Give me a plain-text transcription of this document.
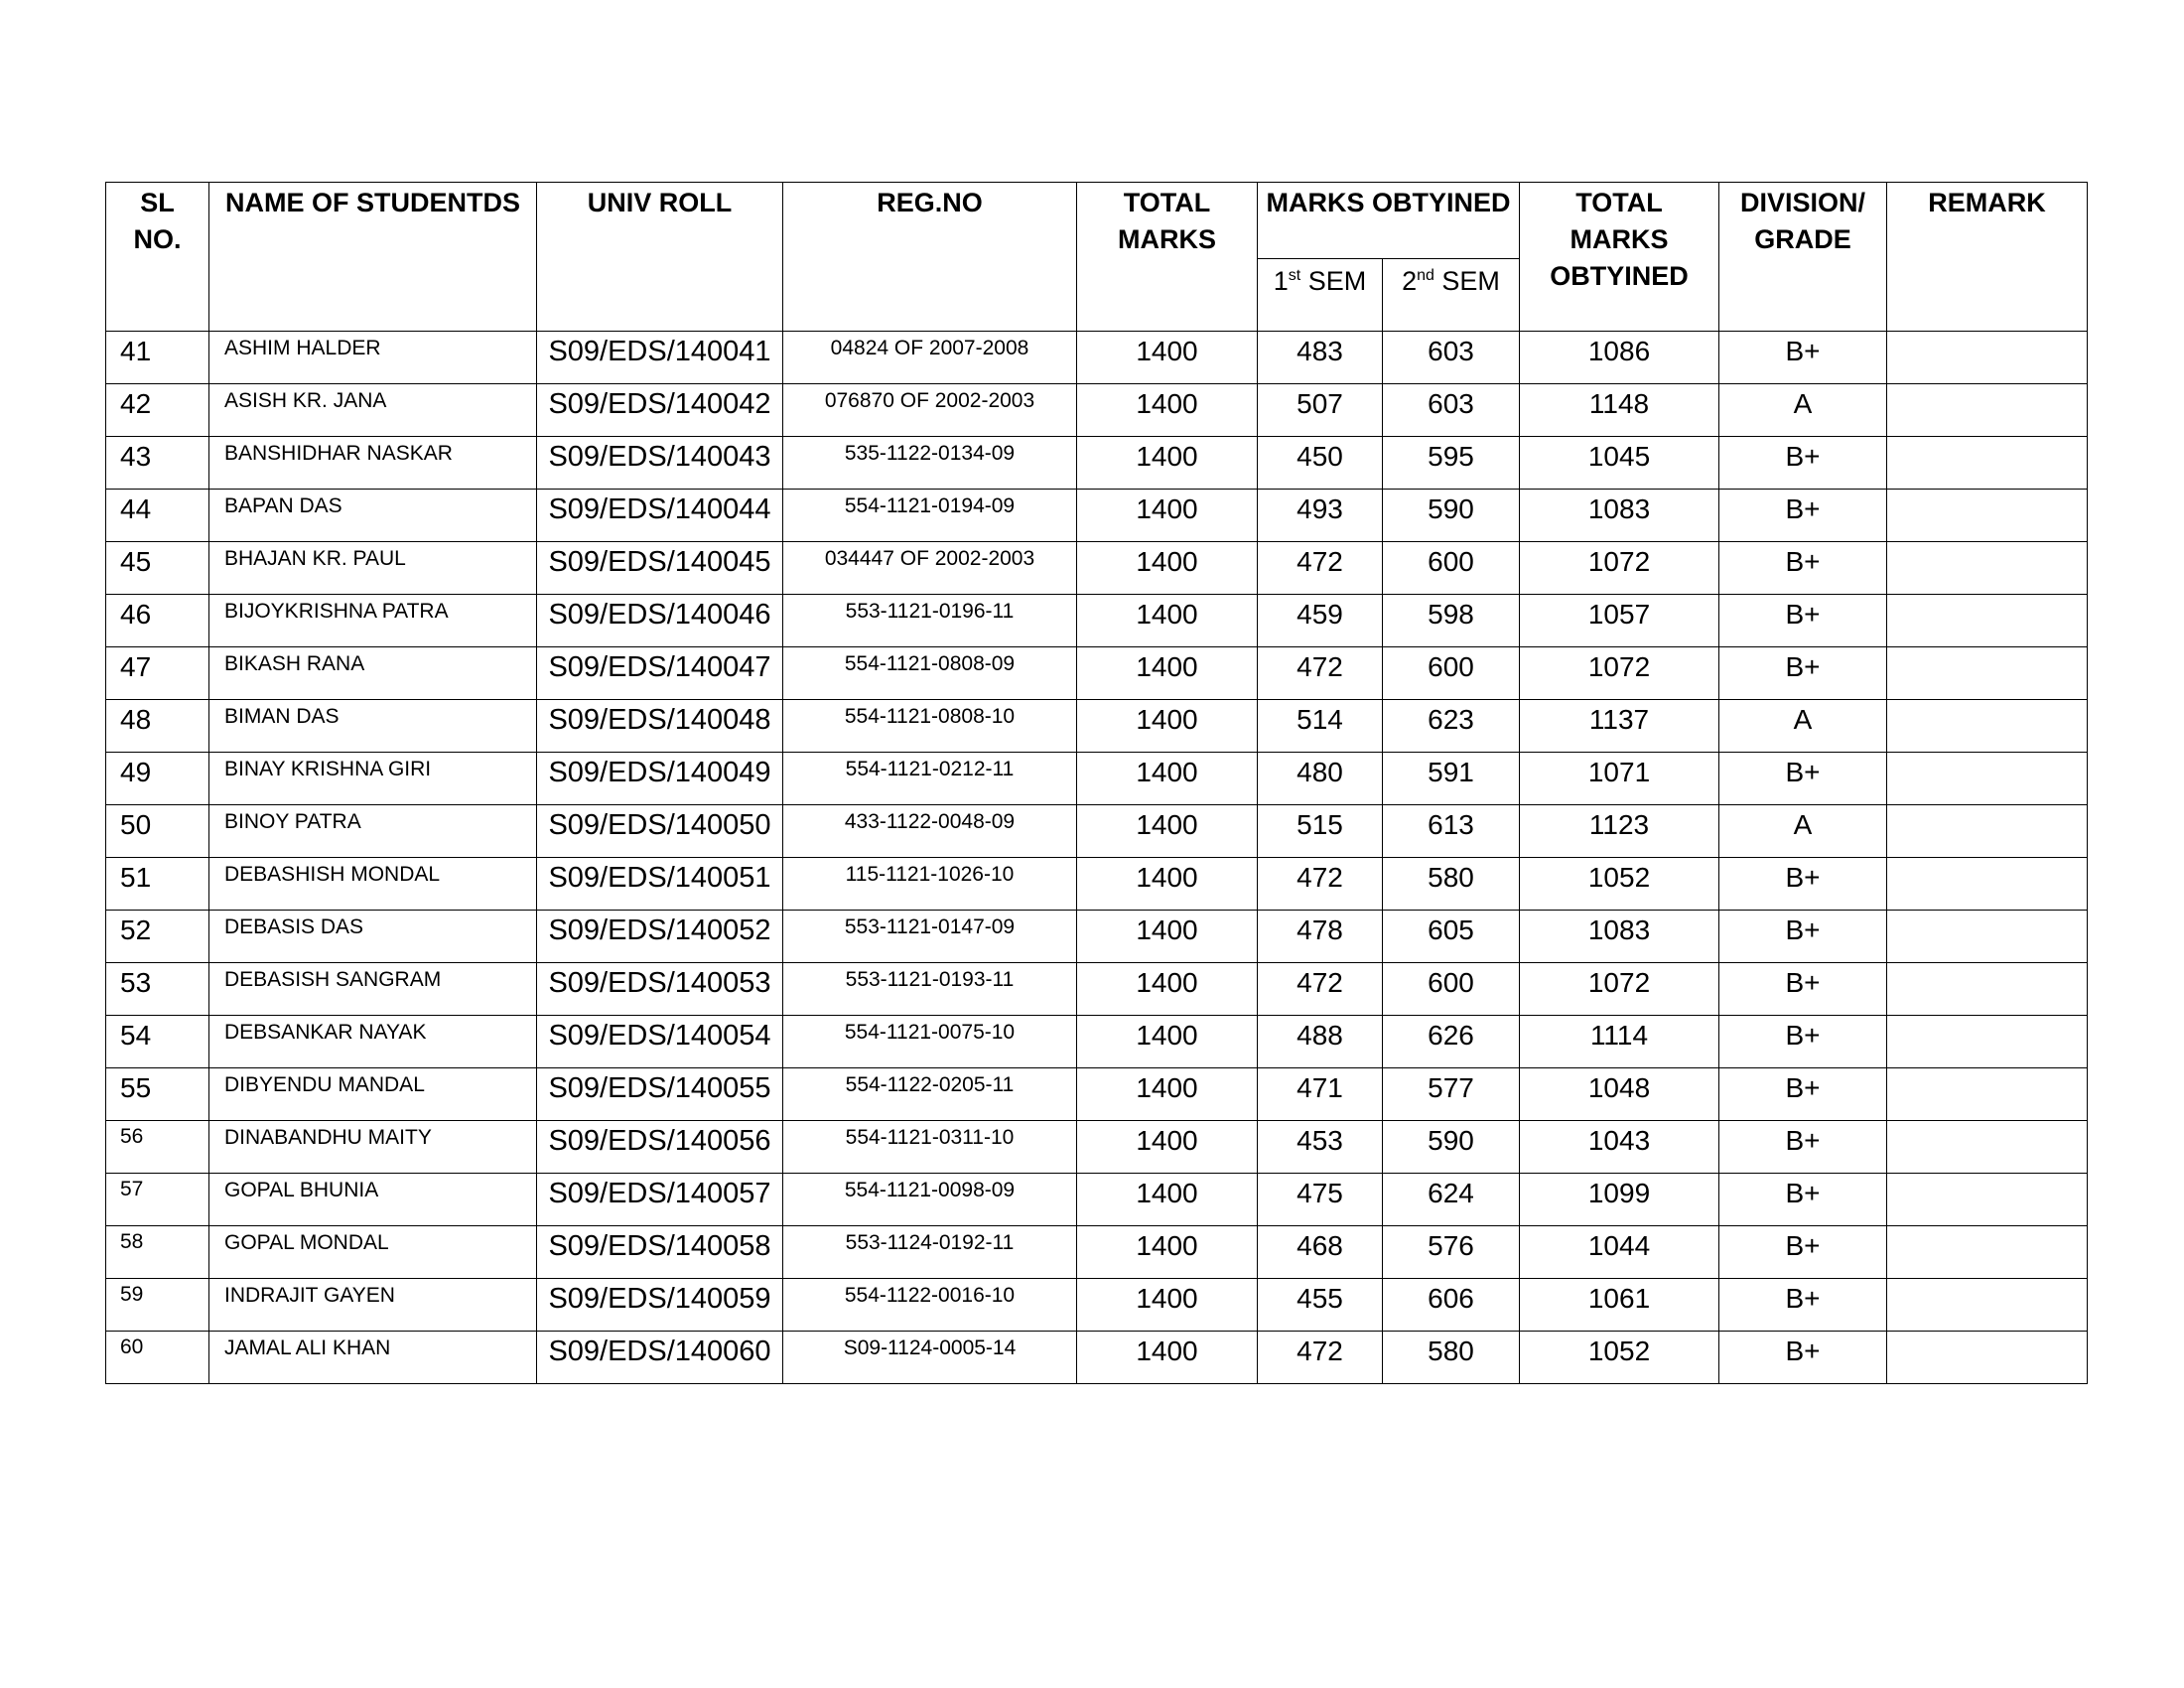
SL NO.	NAME OF STUDENTDS	UNIV ROLL	REG.NO	TOTAL MARKS	MARKS OBTYINED		TOTAL MARKS OBTYINED	DIVISION/ GRADE	REMARK
					1st SEM	2nd SEM			
41	ASHIM HALDER	S09/EDS/140041	04824 OF 2007-2008	1400	483	603	1086	B+	
42	ASISH KR. JANA	S09/EDS/140042	076870 OF 2002-2003	1400	507	603	1148	A	
43	BANSHIDHAR NASKAR	S09/EDS/140043	535-1122-0134-09	1400	450	595	1045	B+	
44	BAPAN DAS	S09/EDS/140044	554-1121-0194-09	1400	493	590	1083	B+	
45	BHAJAN KR. PAUL	S09/EDS/140045	034447 OF 2002-2003	1400	472	600	1072	B+	
46	BIJOYKRISHNA PATRA	S09/EDS/140046	553-1121-0196-11	1400	459	598	1057	B+	
47	BIKASH RANA	S09/EDS/140047	554-1121-0808-09	1400	472	600	1072	B+	
48	BIMAN DAS	S09/EDS/140048	554-1121-0808-10	1400	514	623	1137	A	
49	BINAY KRISHNA GIRI	S09/EDS/140049	554-1121-0212-11	1400	480	591	1071	B+	
50	BINOY PATRA	S09/EDS/140050	433-1122-0048-09	1400	515	613	1123	A	
51	DEBASHISH MONDAL	S09/EDS/140051	115-1121-1026-10	1400	472	580	1052	B+	
52	DEBASIS DAS	S09/EDS/140052	553-1121-0147-09	1400	478	605	1083	B+	
53	DEBASISH SANGRAM	S09/EDS/140053	553-1121-0193-11	1400	472	600	1072	B+	
54	DEBSANKAR NAYAK	S09/EDS/140054	554-1121-0075-10	1400	488	626	1114	B+	
55	DIBYENDU MANDAL	S09/EDS/140055	554-1122-0205-11	1400	471	577	1048	B+	
56	DINABANDHU MAITY	S09/EDS/140056	554-1121-0311-10	1400	453	590	1043	B+	
57	GOPAL BHUNIA	S09/EDS/140057	554-1121-0098-09	1400	475	624	1099	B+	
58	GOPAL MONDAL	S09/EDS/140058	553-1124-0192-11	1400	468	576	1044	B+	
59	INDRAJIT GAYEN	S09/EDS/140059	554-1122-0016-10	1400	455	606	1061	B+	
60	JAMAL ALI KHAN	S09/EDS/140060	S09-1124-0005-14	1400	472	580	1052	B+	
